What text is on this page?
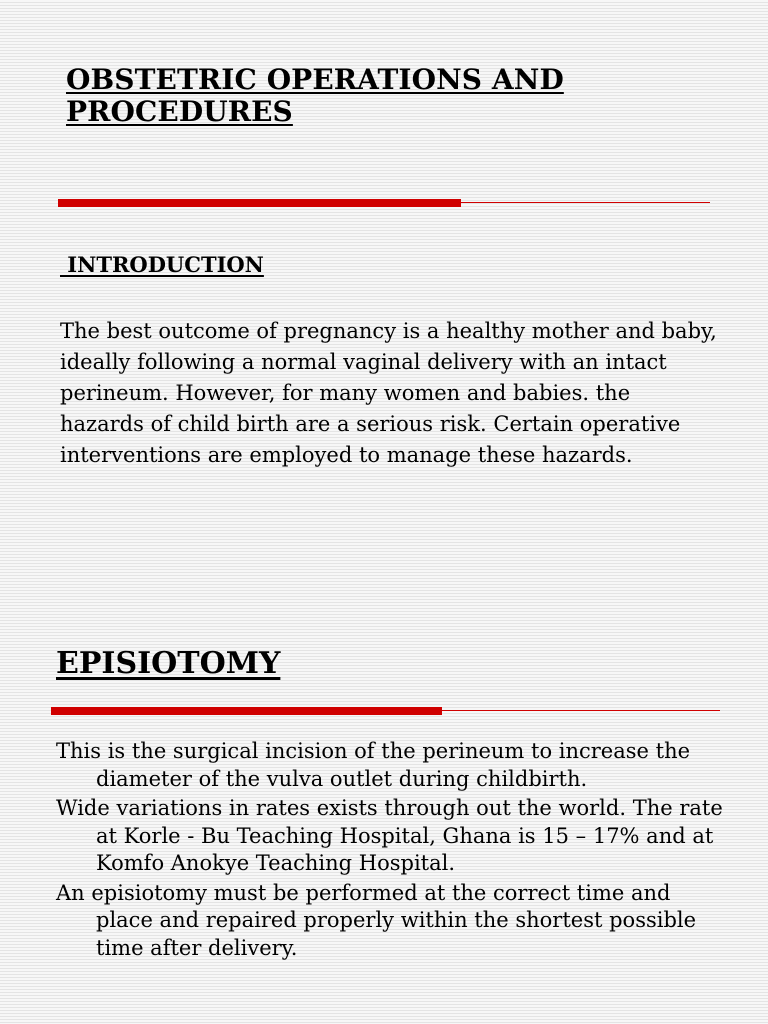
OBSTETRIC OPERATIONS AND PROCEDURES
INTRODUCTION

The best outcome of pregnancy is a healthy mother and baby, ideally following a normal vaginal delivery with an intact perineum. However, for many women and babies. the hazards of child birth are a serious risk. Certain operative interventions are employed to manage these hazards.

EPISIOTOMY
This is the surgical incision of the perineum to increase the diameter of the vulva outlet during childbirth.
Wide variations in rates exists through out the world. The rate at Korle - Bu Teaching Hospital, Ghana is 15 – 17% and at Komfo Anokye Teaching Hospital.
An episiotomy must be performed at the correct time and place and repaired properly within the shortest possible time after delivery.
